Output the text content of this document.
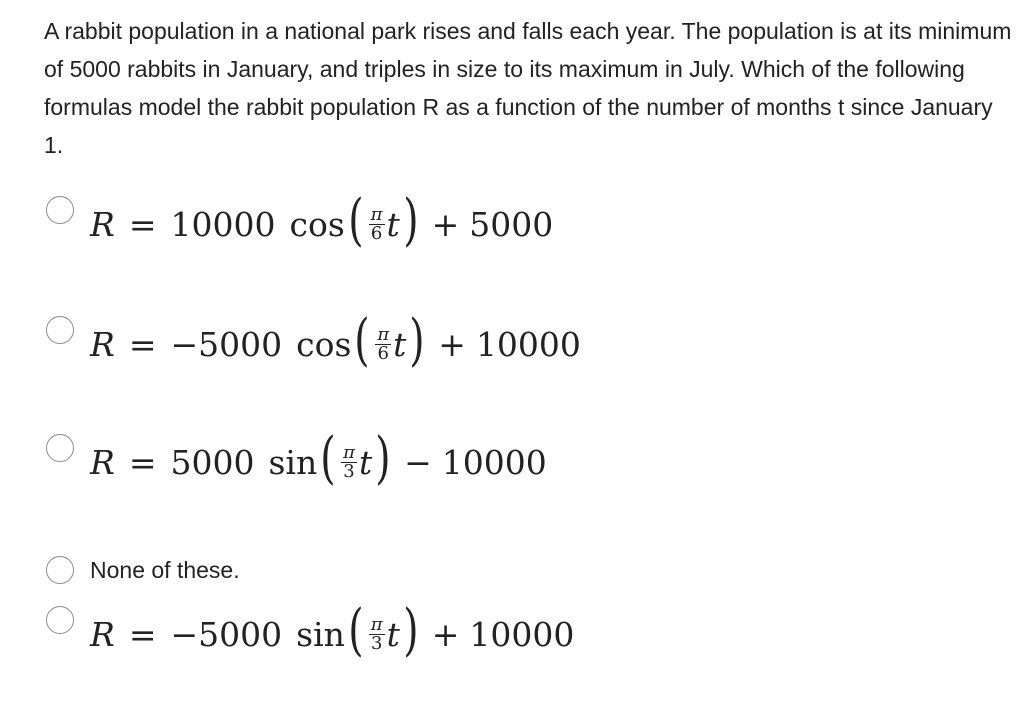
A rabbit population in a national park rises and falls each year. The population is at its minimum of 5000 rabbits in January, and triples in size to its maximum in July. Which of the following formulas model the rabbit population R as a function of the number of months t since January 1.
R = 10000 cos ( $\frac{\pi}{6}$ t ) + 5000
R = − 5000 cos ( $\frac{\pi}{6}$ t ) + 10000
R = 5000 sin ( $\frac{\pi}{3}$ t ) − 10000
None of these.
R = − 5000 sin ( $\frac{\pi}{3}$ t ) + 10000
